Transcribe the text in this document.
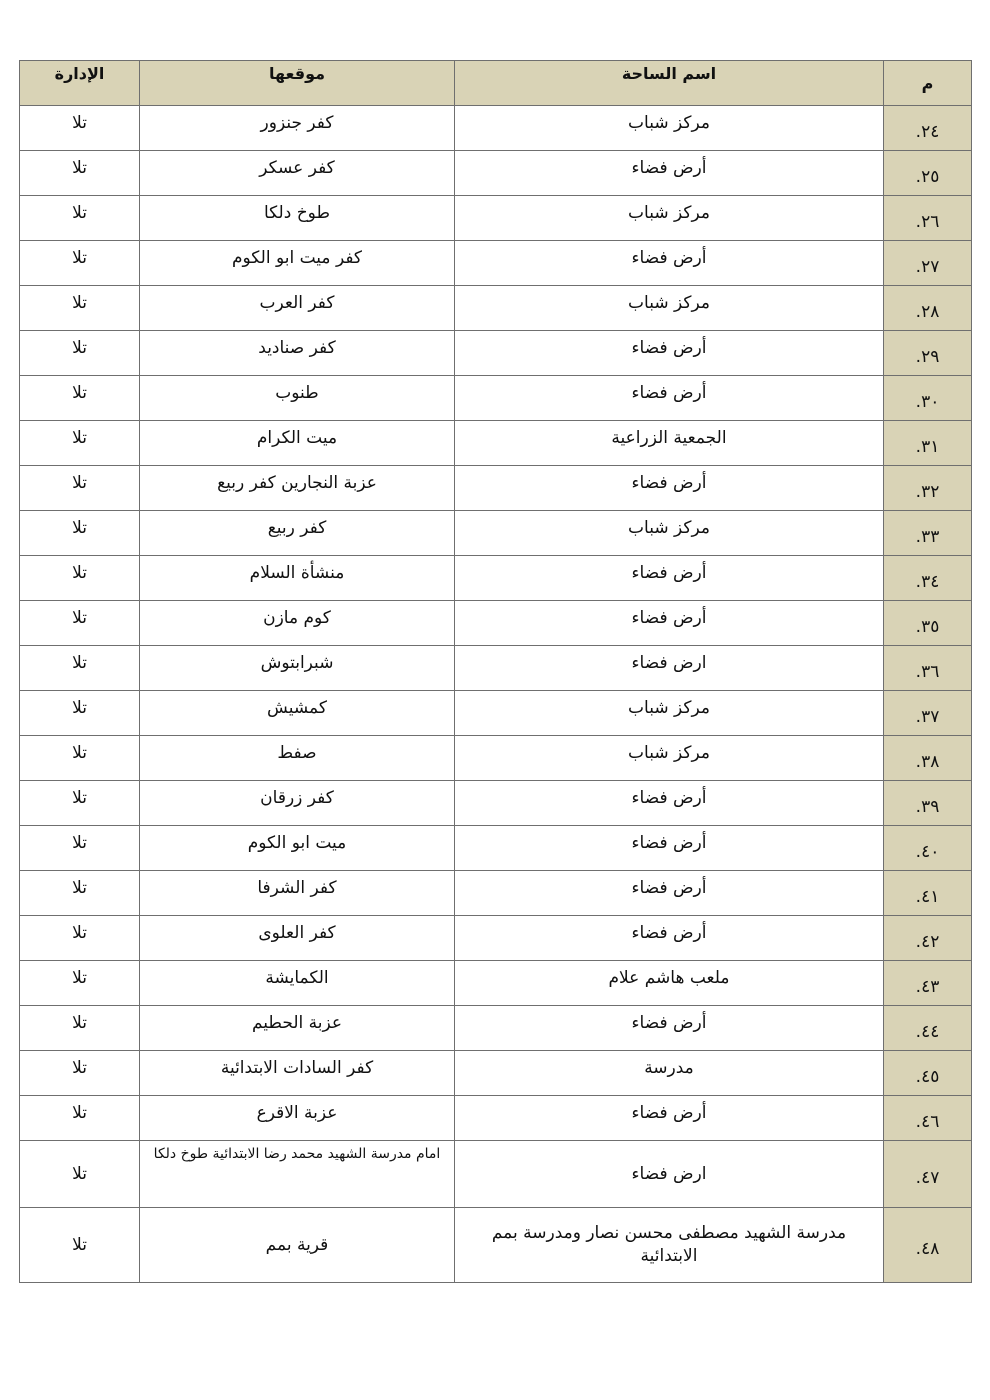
م	اسم الساحة	موقعها	الإدارة
٢٤.	مركز شباب	كفر جنزور	تلا
٢٥.	أرض فضاء	كفر عسكر	تلا
٢٦.	مركز شباب	طوخ دلكا	تلا
٢٧.	أرض فضاء	كفر ميت ابو الكوم	تلا
٢٨.	مركز شباب	كفر العرب	تلا
٢٩.	أرض فضاء	كفر صناديد	تلا
٣٠.	أرض فضاء	طنوب	تلا
٣١.	الجمعية الزراعية	ميت الكرام	تلا
٣٢.	أرض فضاء	عزبة النجارين كفر ربيع	تلا
٣٣.	مركز شباب	كفر ربيع	تلا
٣٤.	أرض فضاء	منشأة السلام	تلا
٣٥.	أرض فضاء	كوم مازن	تلا
٣٦.	ارض فضاء	شبرابتوش	تلا
٣٧.	مركز شباب	كمشيش	تلا
٣٨.	مركز شباب	صفط	تلا
٣٩.	أرض فضاء	كفر زرقان	تلا
٤٠.	أرض فضاء	ميت ابو الكوم	تلا
٤١.	أرض فضاء	كفر الشرفا	تلا
٤٢.	أرض فضاء	كفر العلوى	تلا
٤٣.	ملعب هاشم علام	الكمايشة	تلا
٤٤.	أرض فضاء	عزبة الحطيم	تلا
٤٥.	مدرسة	كفر السادات الابتدائية	تلا
٤٦.	أرض فضاء	عزبة الاقرع	تلا
٤٧.	ارض فضاء	امام مدرسة الشهيد محمد رضا الابتدائية طوخ دلكا	تلا
٤٨.	مدرسة الشهيد مصطفى محسن نصار ومدرسة بمم الابتدائية	قرية بمم	تلا
